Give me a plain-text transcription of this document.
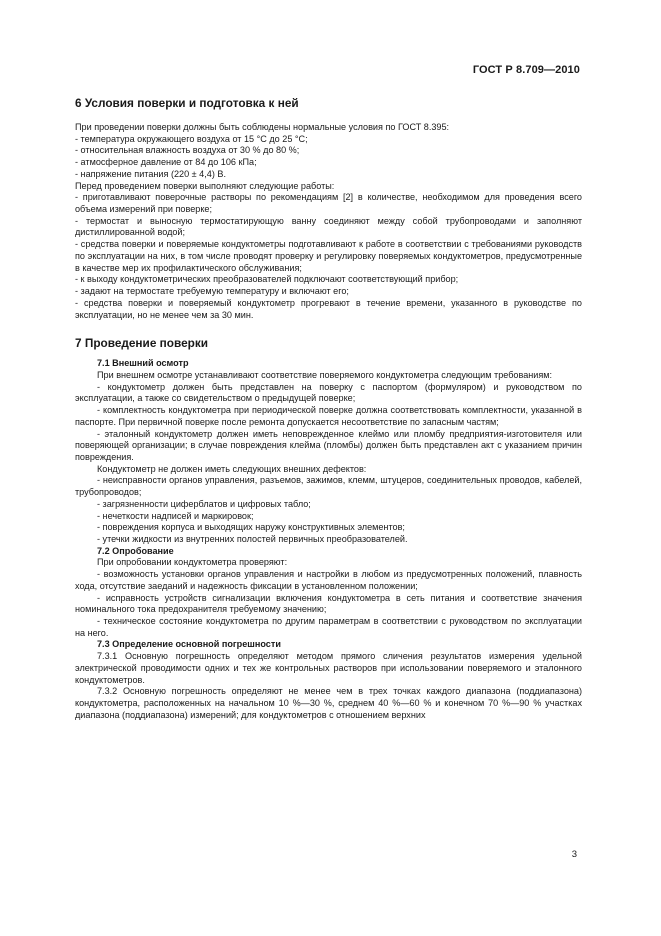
ГОСТ Р 8.709—2010

6 Условия поверки и подготовка к ней

При проведении поверки должны быть соблюдены нормальные условия по ГОСТ 8.395:

- температура окружающего воздуха от 15 °С до 25 °С;

- относительная влажность воздуха от 30 % до 80 %;

- атмосферное давление от 84 до 106 кПа;

- напряжение питания (220 ± 4,4) В.

Перед проведением поверки выполняют следующие работы:

- приготавливают поверочные растворы по рекомендациям [2] в количестве, необходимом для проведения всего объема измерений при поверке;

- термостат и выносную термостатирующую ванну соединяют между собой трубопроводами и заполняют дистиллированной водой;

- средства поверки и поверяемые кондуктометры подготавливают к работе в соответствии с требованиями руководств по эксплуатации на них, в том числе проводят проверку и регулировку поверяемых кондуктометров, предусмотренные в качестве мер их профилактического обслуживания;

- к выходу кондуктометрических преобразователей подключают соответствующий прибор;

- задают на термостате требуемую температуру и включают его;

- средства поверки и поверяемый кондуктометр прогревают в течение времени, указанного в руководстве по эксплуатации, но не менее чем за 30 мин.

7 Проведение поверки

7.1 Внешний осмотр

При внешнем осмотре устанавливают соответствие поверяемого кондуктометра следующим требованиям:

- кондуктометр должен быть представлен на поверку с паспортом (формуляром) и руководством по эксплуатации, а также со свидетельством о предыдущей поверке;

- комплектность кондуктометра при периодической поверке должна соответствовать комплектности, указанной в паспорте. При первичной поверке после ремонта допускается несоответствие по запасным частям;

- эталонный кондуктометр должен иметь неповрежденное клеймо или пломбу предприятия-изготовителя или поверяющей организации; в случае повреждения клейма (пломбы) должен быть представлен акт с указанием причин повреждения.

Кондуктометр не должен иметь следующих внешних дефектов:

- неисправности органов управления, разъемов, зажимов, клемм, штуцеров, соединительных проводов, кабелей, трубопроводов;

- загрязненности циферблатов и цифровых табло;

- нечеткости надписей и маркировок;

- повреждения корпуса и выходящих наружу конструктивных элементов;

- утечки жидкости из внутренних полостей первичных преобразователей.

7.2 Опробование

При опробовании кондуктометра проверяют:

- возможность установки органов управления и настройки в любом из предусмотренных положений, плавность хода, отсутствие заеданий и надежность фиксации в установленном положении;

- исправность устройств сигнализации включения кондуктометра в сеть питания и соответствие значения номинального тока предохранителя требуемому значению;

- техническое состояние кондуктометра по другим параметрам в соответствии с руководством по эксплуатации на него.

7.3 Определение основной погрешности

7.3.1 Основную погрешность определяют методом прямого сличения результатов измерения удельной электрической проводимости одних и тех же контрольных растворов при использовании поверяемого и эталонного кондуктометров.

7.3.2 Основную погрешность определяют не менее чем в трех точках каждого диапазона (поддиапазона) кондуктометра, расположенных на начальном 10 %—30 %, среднем 40 %—60 % и конечном 70 %—90 % участках диапазона (поддиапазона) измерений; для кондуктометров с отношением верхних

3
